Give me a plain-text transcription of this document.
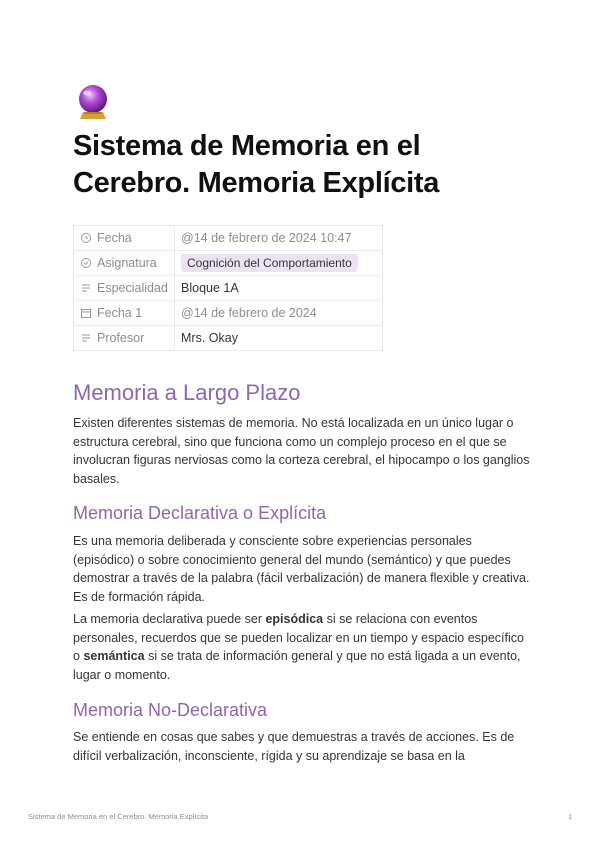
Sistema de Memoria en el Cerebro. Memoria Explícita
Fecha	@14 de febrero de 2024 10:47
Asignatura	Cognición del Comportamiento
Especialidad	Bloque 1A
Fecha 1	@14 de febrero de 2024
Profesor	Mrs. Okay
Memoria a Largo Plazo

Existen diferentes sistemas de memoria. No está localizada en un único lugar o estructura cerebral, sino que funciona como un complejo proceso en el que se involucran figuras nerviosas como la corteza cerebral, el hipocampo o los ganglios basales.

Memoria Declarativa o Explícita

Es una memoria deliberada y consciente sobre experiencias personales (episódico) o sobre conocimiento general del mundo (semántico) y que puedes demostrar a través de la palabra (fácil verbalización) de manera flexible y creativa. Es de formación rápida.

La memoria declarativa puede ser episódica si se relaciona con eventos personales, recuerdos que se pueden localizar en un tiempo y espacio específico o semántica si se trata de información general y que no está ligada a un evento, lugar o momento.

Memoria No-Declarativa

Se entiende en cosas que sabes y que demuestras a través de acciones. Es de difícil verbalización, inconsciente, rígida y su aprendizaje se basa en la

Sistema de Memoria en el Cerebro. Memoria Explícita	1
